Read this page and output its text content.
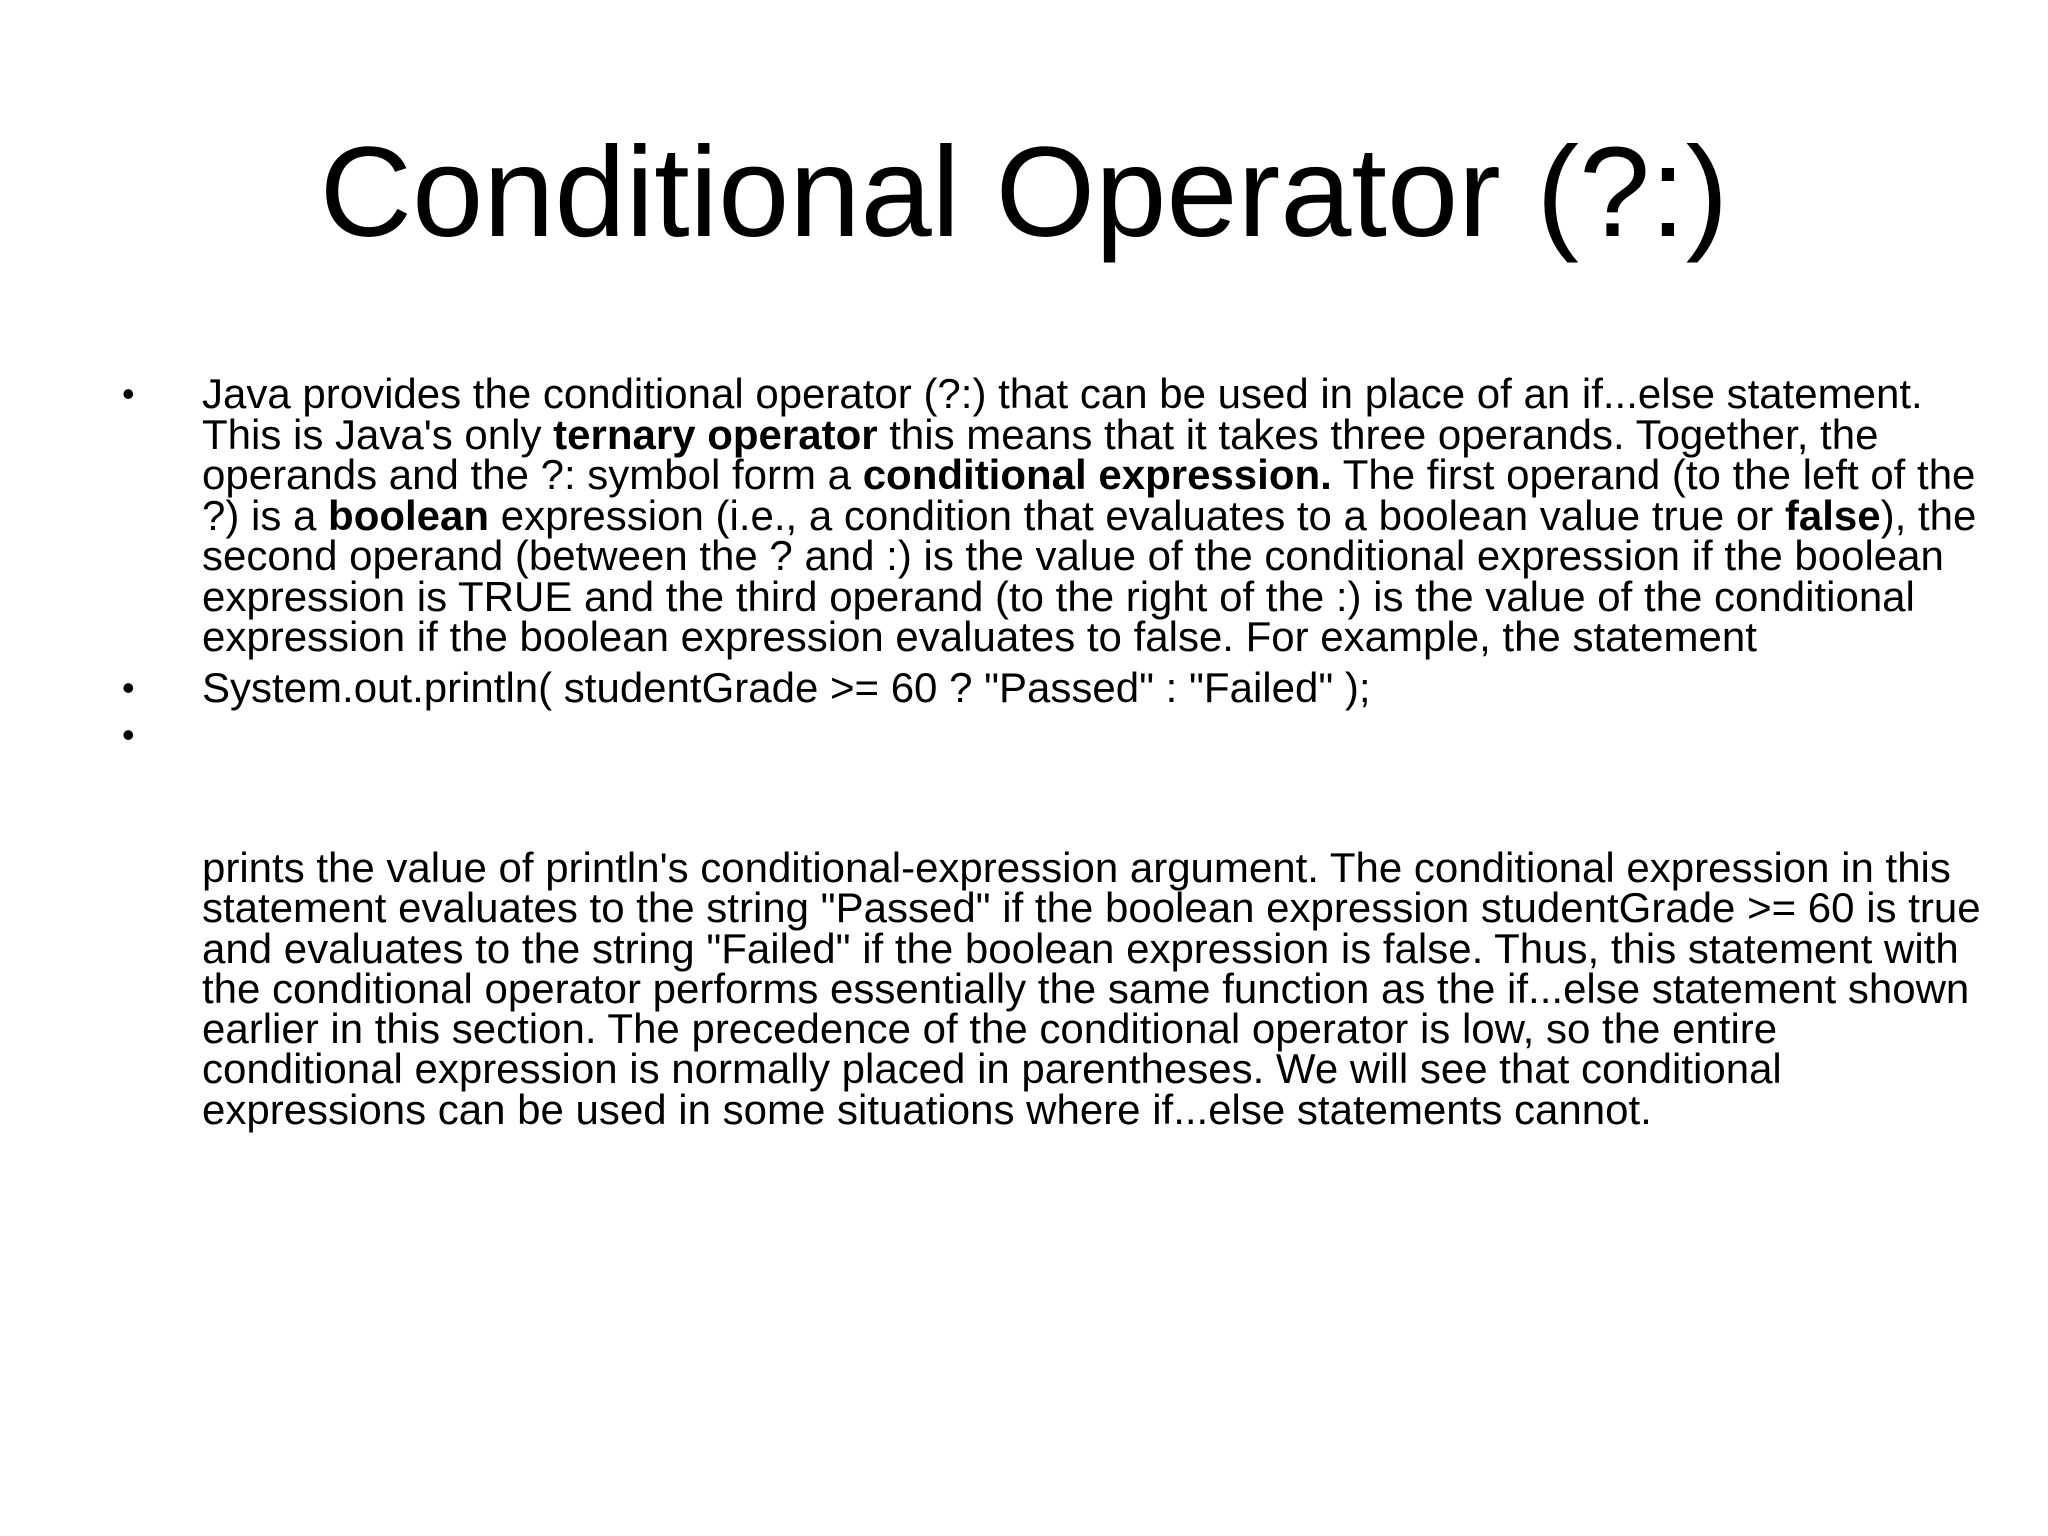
Conditional Operator (?:)
• Java provides the conditional operator (?:) that can be used in place of an if...else statement. This is Java's only ternary operator this means that it takes three operands. Together, the operands and the ?: symbol form a conditional expression. The first operand (to the left of the ?) is a boolean expression (i.e., a condition that evaluates to a boolean value true or false), the second operand (between the ? and :) is the value of the conditional expression if the boolean expression is TRUE and the third operand (to the right of the :) is the value of the conditional expression if the boolean expression evaluates to false. For example, the statement
• System.out.println( studentGrade >= 60 ? "Passed" : "Failed" );
•

prints the value of println's conditional-expression argument. The conditional expression in this statement evaluates to the string "Passed" if the boolean expression studentGrade >= 60 is true and evaluates to the string "Failed" if the boolean expression is false. Thus, this statement with the conditional operator performs essentially the same function as the if...else statement shown earlier in this section. The precedence of the conditional operator is low, so the entire conditional expression is normally placed in parentheses. We will see that conditional expressions can be used in some situations where if...else statements cannot.
